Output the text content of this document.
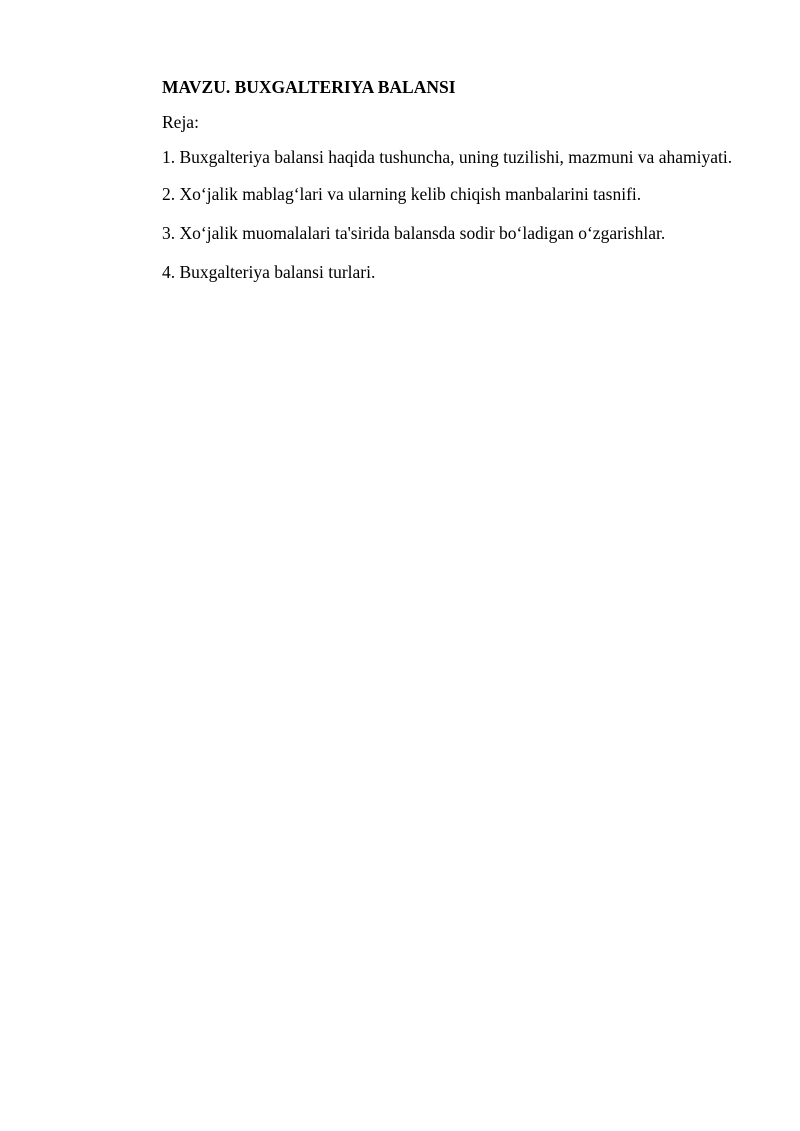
MAVZU. BUXGALTERIYA BALANSI

Reja:

1. Buxgalteriya balansi haqida tushuncha, uning tuzilishi, mazmuni va ahamiyati.

2. Xo‘jalik mablag‘lari va ularning kelib chiqish manbalarini tasnifi.

3. Xo‘jalik muomalalari ta'sirida balansda sodir bo‘ladigan o‘zgarishlar.

4. Buxgalteriya balansi turlari.
